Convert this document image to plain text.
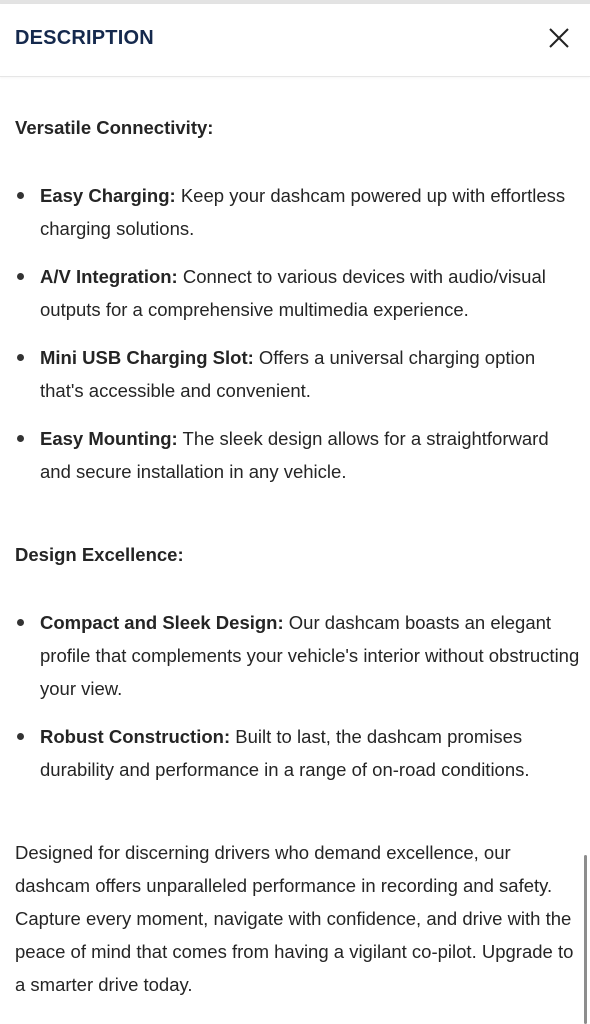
DESCRIPTION
Versatile Connectivity:
Easy Charging: Keep your dashcam powered up with effortless charging solutions.
A/V Integration: Connect to various devices with audio/visual outputs for a comprehensive multimedia experience.
Mini USB Charging Slot: Offers a universal charging option that's accessible and convenient.
Easy Mounting: The sleek design allows for a straightforward and secure installation in any vehicle.
Design Excellence:
Compact and Sleek Design: Our dashcam boasts an elegant profile that complements your vehicle's interior without obstructing your view.
Robust Construction: Built to last, the dashcam promises durability and performance in a range of on-road conditions.

Designed for discerning drivers who demand excellence, our dashcam offers unparalleled performance in recording and safety. Capture every moment, navigate with confidence, and drive with the peace of mind that comes from having a vigilant co-pilot. Upgrade to a smarter drive today.
